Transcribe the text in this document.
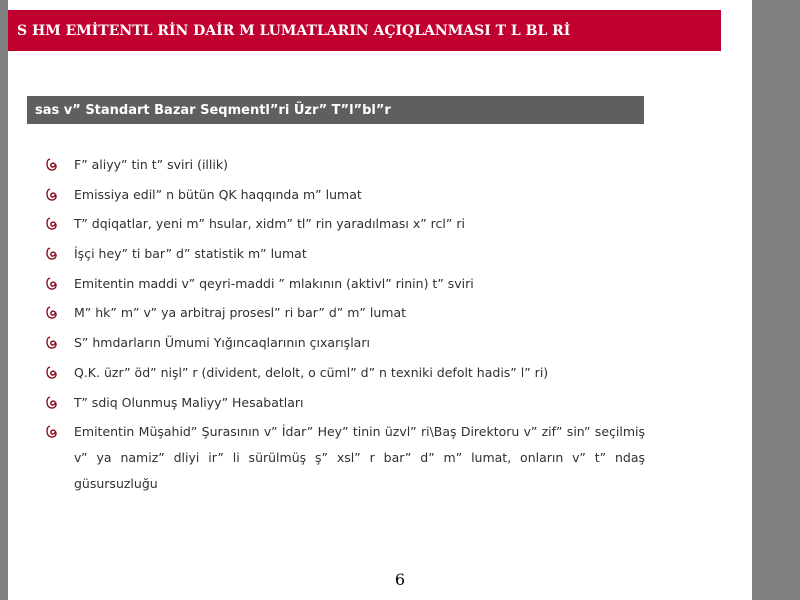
S HM EMİTENTL RİN DAİR M LUMATLARIN AÇIQLANMASI T L BL Rİ
sas v” Standart Bazar Seqmentl”ri Üzr” T”l”bl”r
F” aliyy” tin t” sviri (illik)
Emissiya edil” n bütün QK haqqında m” lumat
T” dqiqatlar, yeni m” hsular, xidm” tl” rin yaradılması x” rcl” ri
İşçi hey” ti bar” d” statistik m” lumat
Emitentin maddi v” qeyri-maddi ” mlakının (aktivl” rinin) t” sviri
M” hk” m” v” ya arbitraj prosesl” ri bar” d” m” lumat
S” hmdarların Ümumi Yığıncaqlarının çıxarışları
Q.K. üzr” öd” nişl” r (divident, delolt, o cüml” d” n texniki defolt hadis” l” ri)
T” sdiq Olunmuş Maliyy” Hesabatları
Emitentin Müşahid” Şurasının v” İdar” Hey” tinin üzvl” ri\Baş Direktoru v” zif” sin” seçilmiş v” ya namiz” dliyi ir” li sürülmüş ş” xsl” r bar” d” m” lumat, onların v” t” ndaş güsursuzluğu
6
